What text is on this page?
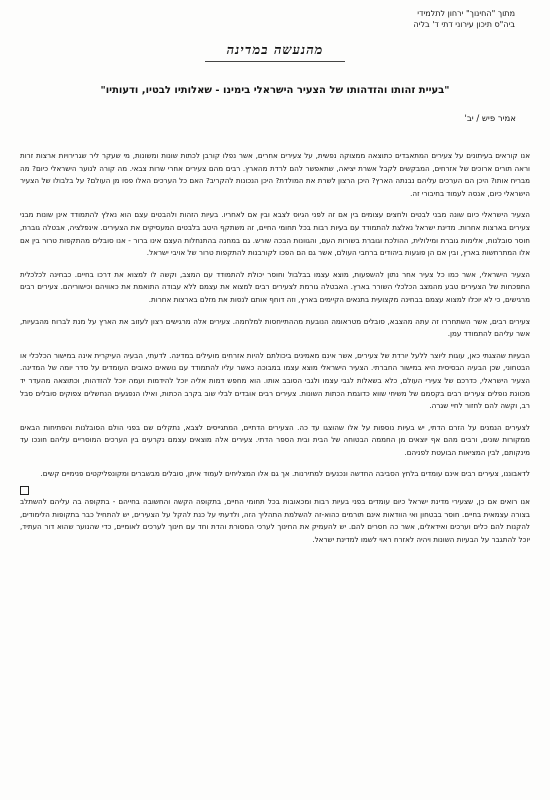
מתוך "החינוך" ירחון לתלמידי
ביה"ס תיכון עירוני דתי ד' בליה
מהנעשה במדינה
"בעיית זהותו והזדהותו של הצעיר הישראלי בימינו - שאלותיו לבטיו, ודעותיו"
אמיר פיש / יב'

אנו קוראים בעיתונים על צעירים המתאבדים כתוצאה ממצוקה נפשית, על צעירים אחרים, אשר נפלו קורבן לכתות שונות ומשונות, מי שעקר ליר שגרירויות ארצות זרות וראה תורים ארוכים של אזרחים, המבקשים לקבל אשרת יציאה, שתאפשר להם לרדת מהארץ. רבים מהם צעירים אחרי שרות צבאי. מה קורה לנוער הישראלי כיום? מה מבריח אותו? היכן הם הערכים עליהם נבנתה הארץ? היכן הרצון לשרת את המולדת? היכן הנכונות להקריב? האם כל הערכים האלו פסו מן העולם? על בלבולו של הצעיר הישראלי כיום, אנסה לעמוד בחיבורי זה.

הצעיר הישראלי כיום שונה מבני לבטים ולחצים עצומים בין אם זה לפני הגיוס לצבא ובין אם לאחריו. בעיות הזהות ולהבטים עצם הוא נאלץ להתמודד אינן שונות מבני צעירים בארצות אחרות. מדינת ישראל נאלצת להתמודד עם בעיות רבות בכל תחומי החיים, זה משתקף היטב בלבטים המעסיקים את הצעירים. אינפלציה, אבטלה גוברת, חוסר סובלנות, אלימות גוברת ומילולית, ההולכת וגוברת בשורות העם, והגוונות הבכה שורש. גם במחנה בהתנחלות העצם אינו ברור - אנו סובלים מהתקפות טרור בין אם אלו המתרחשות בארץ, ובין אם הן פוגעות ביהודים ברחבי העולם, אשר גם הם הפכו לקורבנות להתקפות טרור של אויבי ישראל.

הצעיר הישראלי, אשר כמו כל צעיר אחר נתון להשפעות, מוצא עצמו בבלבול וחוסר יכולת להתמודד עם המצב, וקשה לו למצוא את דרכו בחיים. כבחינה לכלכלית התפכחות של הצעירים טבע מהמצב הכלכלי השורר בארץ. האבטלה גורמת לצעירים רבים למצוא את עצמם ללא עבודה התואמת את כאוויהם וכישוריהם. צעירים רבים מרגישים, כי לא יוכלו למצוא עצמם בבחינה מקצועית בתנאים הקיימים בארץ, וזה דוחף אותם לנסות את מזלם בארצות אחרות.

צעירים רבים, אשר השתחררו זה עתה מהצבא, סובלים מטראומה הנובעת מההתייחסות למלחמה. צעירים אלה מרגישים רצון לעזוב את הארץ על מנת לברוח מהבעיות, אשר עליהם להתמודד עמן.

הבעיות שהצגתי כאן, עוגות ליוצר ללעל יורדת של צעירים, אשר אינם מאמינים ביכולתם להיות אזרחים מועילים במדינה. לדעתי, הבעיה העיקרית אינה במישור הכלכלי או הבטחוני, שכן הבעיה הבסיסית היא במישור החברתי. הצעיר הישראלי מוצא עצמו במבוכה כאשר עליו להתמודד עם נושאים כאובים העומדים על סדר יומה של המדינה. הצעיר הישראלי, כדרכם של צעירי העולם, כלא בשאלות לגבי עצמו ולגבי הסובב אותו. הוא מחפש דמות אליה יוכל להידמות ועמה יוכל להזדהות, וכתוצאה מהעדר יד מכוונת נופלים צעירים רבים בקסמם של משיחי שווא כדוגמת הכתות השונות. צעירים רבים אובדים לבלי שוב בקרב הכתות, ואילו הנפגעים הנחשלים צפוקים סובלים סבל רב, וקשה להם לחזור לחיי שגרה.

לצעירים הנמנים על הזרם הדתי, יש בעיות נוספות על אלו שהוצגו עד כה. הצעירים הדתיים, המתגייסים לצבא, נתקלים שם בפני הולם הסובלנות והפתיחות הבאים ממקורות שונים, ורבים מהם אף יוצאים מן החממה הבטוחה של הבית ובית הספר הדתי. צעירים אלה מוצאים עצמם נקרעים בין הערכים המוסריים עליהם חונכו עד מינקותם, לבין המציאות הבועטת לפניהם.

לדאבוננו, צעירים רבים אינם עומדים בלחץ הסביבה החדשה ונכנעים למתירנות. אך גם אלו המצליחים לעמוד איתן, סובלים מבשברים ומקונפליקטים פנימיים קשים.

אנו רואים אם כן, שצעירי מדינת ישראל כיום עומדים בפני בעיות רבות ומכאובות בכל תחומי החיים, בתקופה הקשה והחשובה בחייהם - בתקופה בה עליהם להשתלב בצורה עצמאית בחיים. חוסר בבטחון ואי הוודאות אינם תורמים כהוא-זה להשלמת התהליך הזה, ולדעתי על כנת להקל על הצעירים, יש להתחיל כבר בתקופות הלימודים, להקנות להם כלים וערכים ואידאלים, אשר כה חסרים להם. יש להעמיק את החינוך לערכי המסורת והדת וחד עם חינוך לערכים לאומיים, כדי שהנוער שהוא דור העתיד, יוכל להתגבר על הבעיות השונות ויהיה לאזרח ראוי לשמו למדינת ישראל.
